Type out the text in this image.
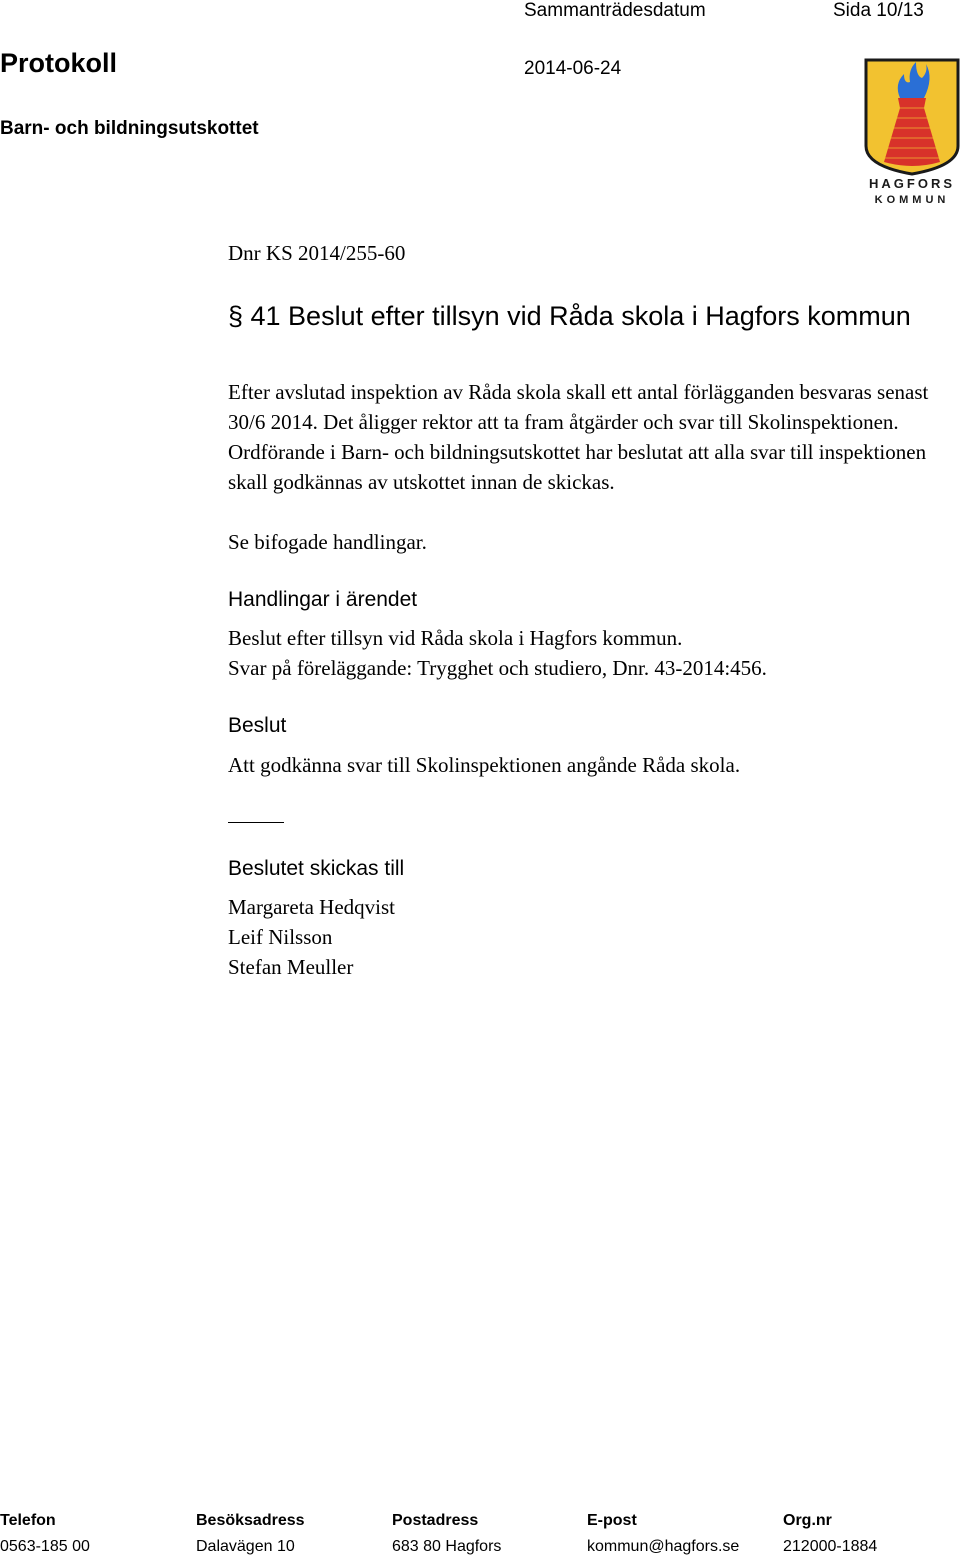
Sammanträdesdatum	Sida 10/13
Protokoll	2014-06-24
Barn- och bildningsutskottet
HAGFORS
KOMMUN
Dnr KS 2014/255-60
§ 41 Beslut efter tillsyn vid Råda skola i Hagfors kommun
Efter avslutad inspektion av Råda skola skall ett antal förlägganden besvaras senast 30/6 2014. Det åligger rektor att ta fram åtgärder och svar till Skolinspektionen. Ordförande i Barn- och bildningsutskottet har beslutat att alla svar till inspektionen skall godkännas av utskottet innan de skickas.
Se bifogade handlingar.
Handlingar i ärendet
Beslut efter tillsyn vid Råda skola i Hagfors kommun.
Svar på föreläggande: Trygghet och studiero, Dnr. 43-2014:456.
Beslut
Att godkänna svar till Skolinspektionen angånde Råda skola.
Beslutet skickas till
Margareta Hedqvist
Leif Nilsson
Stefan Meuller
Telefon
0563-185 00
Besöksadress
Dalavägen 10
Postadress
683 80 Hagfors
E-post
kommun@hagfors.se
Org.nr
212000-1884
